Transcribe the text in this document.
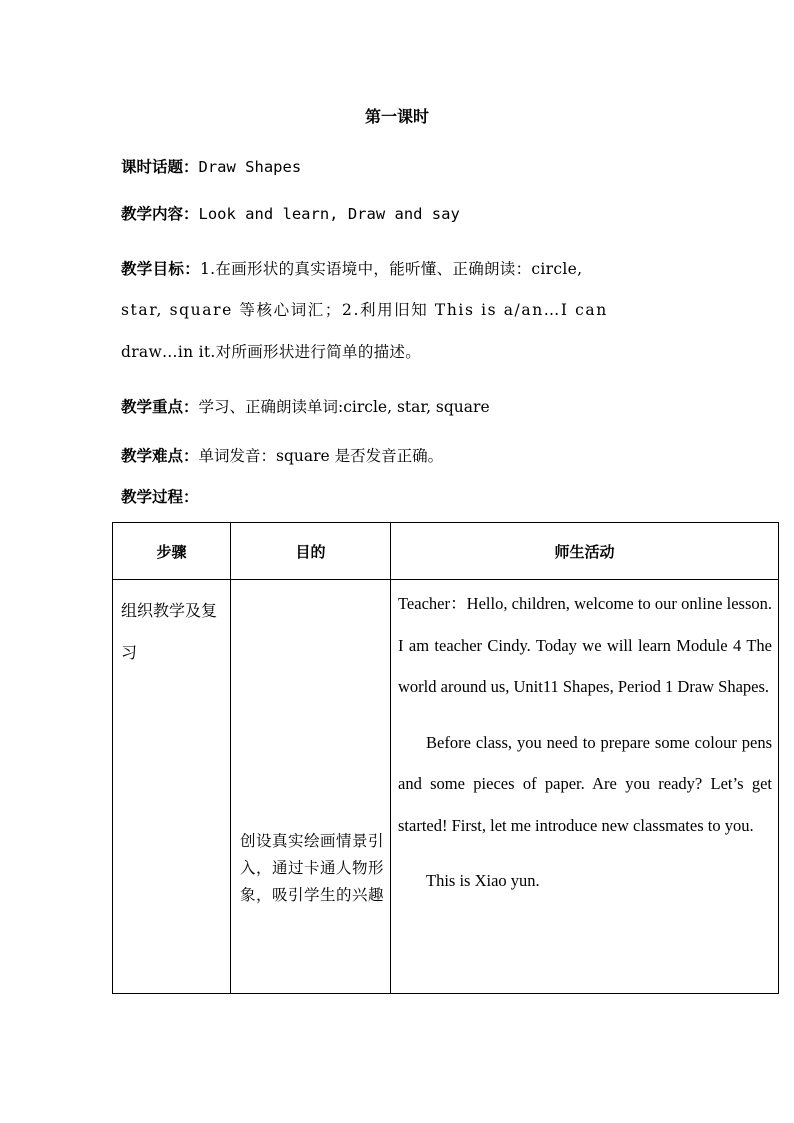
第一课时
课时话题：Draw Shapes
教学内容：Look and learn, Draw and say
教学目标：1.在画形状的真实语境中，能听懂、正确朗读：circle,
star, square 等核心词汇；2.利用旧知 This is a/an…I can
draw…in it.对所画形状进行简单的描述。
教学重点：学习、正确朗读单词:circle, star, square
教学难点：单词发音：square 是否发音正确。
教学过程：
步骤	目的	师生活动
组织教学及复习	创设真实绘画情景引入，通过卡通人物形象，吸引学生的兴趣	Teacher：Hello, children, welcome to our online lesson. I am teacher Cindy. Today we will learn Module 4 The world around us, Unit11 Shapes, Period 1 Draw Shapes.
Before class, you need to prepare some colour pens and some pieces of paper. Are you ready? Let’s get started! First, let me introduce new classmates to you.
This is Xiao yun.
